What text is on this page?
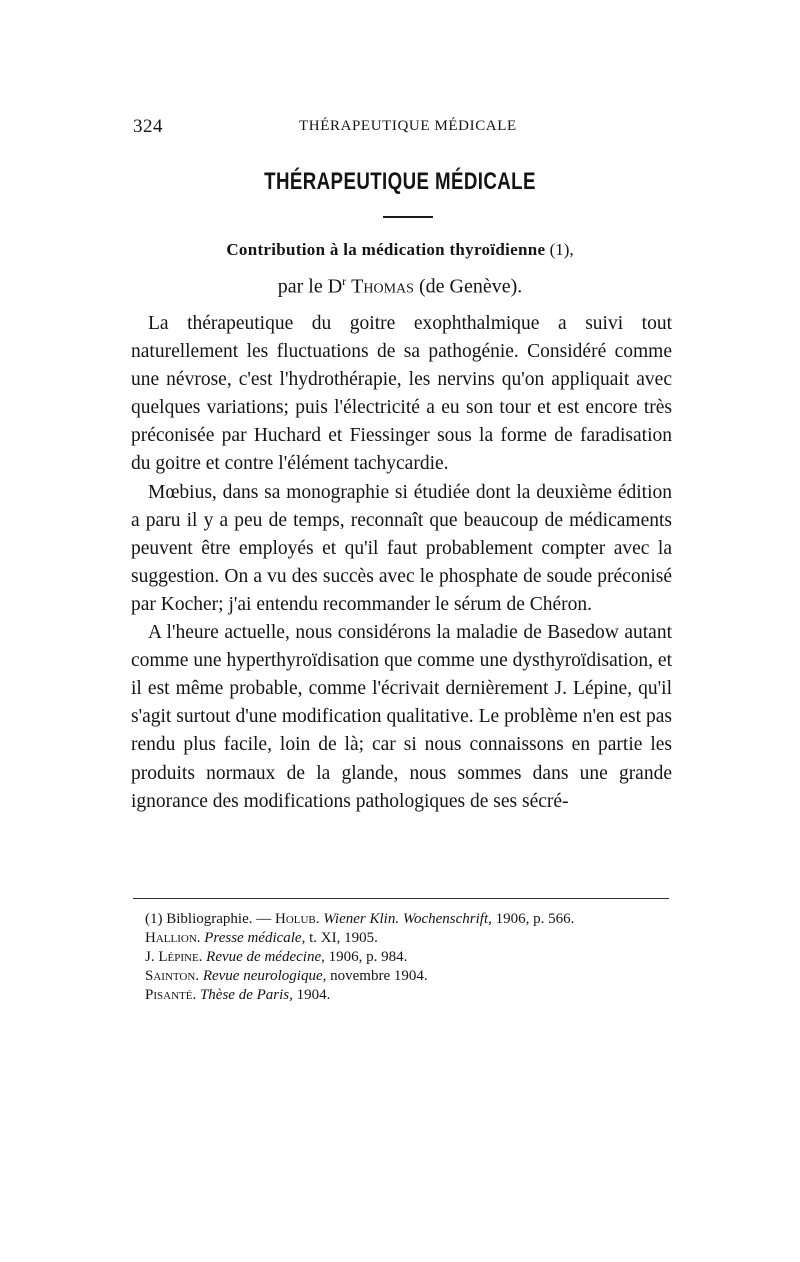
324	THÉRAPEUTIQUE MÉDICALE
THÉRAPEUTIQUE MÉDICALE
Contribution à la médication thyroïdienne (1),
par le $D^r$ Thomas (de Genève).

La thérapeutique du goitre exophthalmique a suivi tout naturellement les fluctuations de sa pathogénie. Considéré comme une névrose, c'est l'hydrothérapie, les nervins qu'on appliquait avec quelques variations; puis l'électricité a eu son tour et est encore très préconisée par Huchard et Fiessinger sous la forme de faradisation du goitre et contre l'élément tachycardie.

Mœbius, dans sa monographie si étudiée dont la deuxième édition a paru il y a peu de temps, reconnaît que beaucoup de médicaments peuvent être employés et qu'il faut probablement compter avec la suggestion. On a vu des succès avec le phosphate de soude préconisé par Kocher; j'ai entendu recommander le sérum de Chéron.

A l'heure actuelle, nous considérons la maladie de Basedow autant comme une hyperthyroïdisation que comme une dysthyroïdisation, et il est même probable, comme l'écrivait dernièrement J. Lépine, qu'il s'agit surtout d'une modification qualitative. Le problème n'en est pas rendu plus facile, loin de là; car si nous connaissons en partie les produits normaux de la glande, nous sommes dans une grande ignorance des modifications pathologiques de ses sécré-

(1) Bibliographie. — Holub. Wiener Klin. Wochenschrift, 1906, p. 566.
Hallion. Presse médicale, t. XI, 1905.
J. Lépine. Revue de médecine, 1906, p. 984.
Sainton. Revue neurologique, novembre 1904.
Pisanté. Thèse de Paris, 1904.
